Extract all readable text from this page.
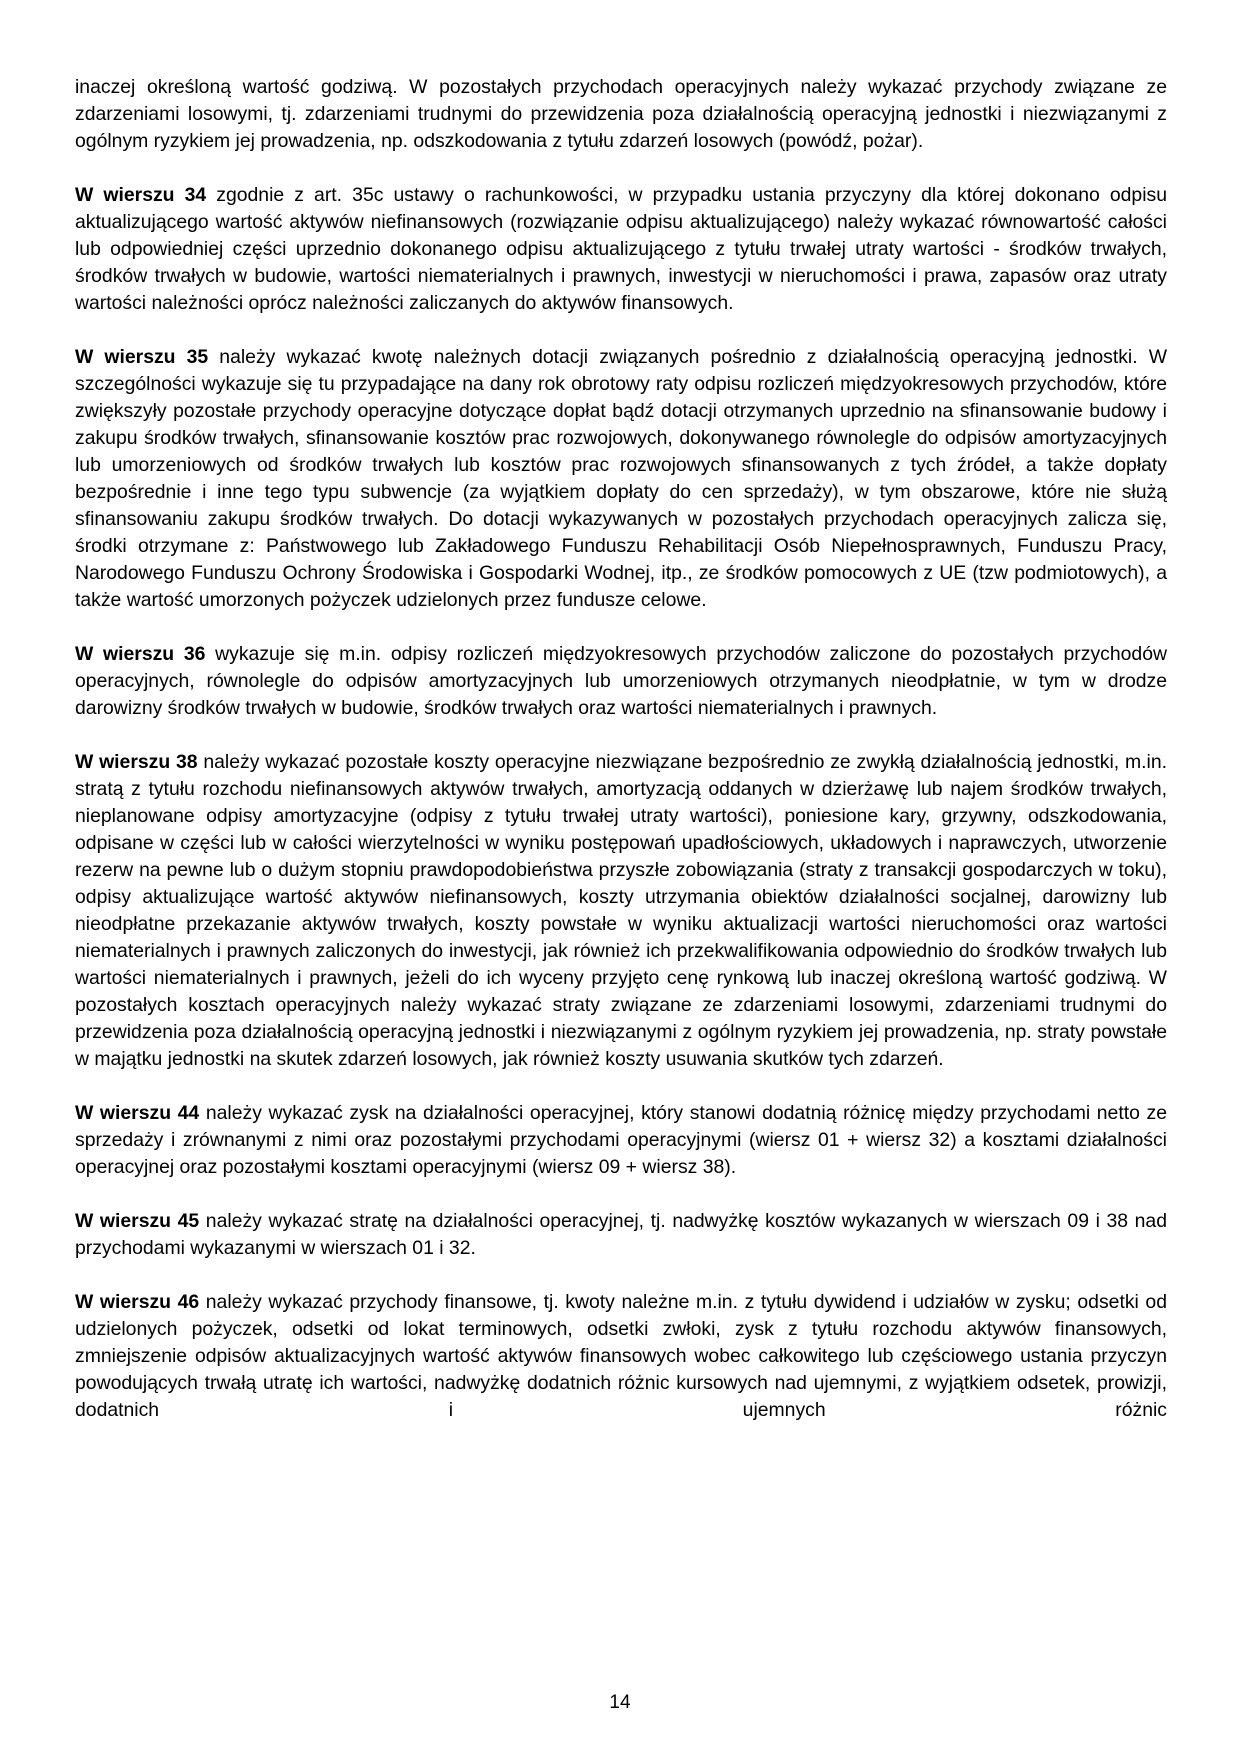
inaczej określoną wartość godziwą. W pozostałych przychodach operacyjnych należy wykazać przychody związane ze zdarzeniami losowymi, tj. zdarzeniami trudnymi do przewidzenia poza działalnością operacyjną jednostki i niezwiązanymi z ogólnym ryzykiem jej prowadzenia, np. odszkodowania z tytułu zdarzeń losowych (powódź, pożar).

W wierszu 34 zgodnie z art. 35c ustawy o rachunkowości, w przypadku ustania przyczyny dla której dokonano odpisu aktualizującego wartość aktywów niefinansowych (rozwiązanie odpisu aktualizującego) należy wykazać równowartość całości lub odpowiedniej części uprzednio dokonanego odpisu aktualizującego z tytułu trwałej utraty wartości - środków trwałych, środków trwałych w budowie, wartości niematerialnych i prawnych, inwestycji w nieruchomości i prawa, zapasów oraz utraty wartości należności oprócz należności zaliczanych do aktywów finansowych.

W wierszu 35 należy wykazać kwotę należnych dotacji związanych pośrednio z działalnością operacyjną jednostki. W szczególności wykazuje się tu przypadające na dany rok obrotowy raty odpisu rozliczeń międzyokresowych przychodów, które zwiększyły pozostałe przychody operacyjne dotyczące dopłat bądź dotacji otrzymanych uprzednio na sfinansowanie budowy i zakupu środków trwałych, sfinansowanie kosztów prac rozwojowych, dokonywanego równolegle do odpisów amortyzacyjnych lub umorzeniowych od środków trwałych lub kosztów prac rozwojowych sfinansowanych z tych źródeł, a także dopłaty bezpośrednie i inne tego typu subwencje (za wyjątkiem dopłaty do cen sprzedaży), w tym obszarowe, które nie służą sfinansowaniu zakupu środków trwałych. Do dotacji wykazywanych w pozostałych przychodach operacyjnych zalicza się, środki otrzymane z: Państwowego lub Zakładowego Funduszu Rehabilitacji Osób Niepełnosprawnych, Funduszu Pracy, Narodowego Funduszu Ochrony Środowiska i Gospodarki Wodnej, itp., ze środków pomocowych z UE (tzw podmiotowych), a także wartość umorzonych pożyczek udzielonych przez fundusze celowe.

W wierszu 36 wykazuje się m.in. odpisy rozliczeń międzyokresowych przychodów zaliczone do pozostałych przychodów operacyjnych, równolegle do odpisów amortyzacyjnych lub umorzeniowych otrzymanych nieodpłatnie, w tym w drodze darowizny środków trwałych w budowie, środków trwałych oraz wartości niematerialnych i prawnych.

W wierszu 38 należy wykazać pozostałe koszty operacyjne niezwiązane bezpośrednio ze zwykłą działalnością jednostki, m.in. stratą z tytułu rozchodu niefinansowych aktywów trwałych, amortyzacją oddanych w dzierżawę lub najem środków trwałych, nieplanowane odpisy amortyzacyjne (odpisy z tytułu trwałej utraty wartości), poniesione kary, grzywny, odszkodowania, odpisane w części lub w całości wierzytelności w wyniku postępowań upadłościowych, układowych i naprawczych, utworzenie rezerw na pewne lub o dużym stopniu prawdopodobieństwa przyszłe zobowiązania (straty z transakcji gospodarczych w toku), odpisy aktualizujące wartość aktywów niefinansowych, koszty utrzymania obiektów działalności socjalnej, darowizny lub nieodpłatne przekazanie aktywów trwałych, koszty powstałe w wyniku aktualizacji wartości nieruchomości oraz wartości niematerialnych i prawnych zaliczonych do inwestycji, jak również ich przekwalifikowania odpowiednio do środków trwałych lub wartości niematerialnych i prawnych, jeżeli do ich wyceny przyjęto cenę rynkową lub inaczej określoną wartość godziwą. W pozostałych kosztach operacyjnych należy wykazać straty związane ze zdarzeniami losowymi, zdarzeniami trudnymi do przewidzenia poza działalnością operacyjną jednostki i niezwiązanymi z ogólnym ryzykiem jej prowadzenia, np. straty powstałe w majątku jednostki na skutek zdarzeń losowych, jak również koszty usuwania skutków tych zdarzeń.

W wierszu 44 należy wykazać zysk na działalności operacyjnej, który stanowi dodatnią różnicę między przychodami netto ze sprzedaży i zrównanymi z nimi oraz pozostałymi przychodami operacyjnymi (wiersz 01 + wiersz 32) a kosztami działalności operacyjnej oraz pozostałymi kosztami operacyjnymi (wiersz 09 + wiersz 38).

W wierszu 45 należy wykazać stratę na działalności operacyjnej, tj. nadwyżkę kosztów wykazanych w wierszach 09 i 38 nad przychodami wykazanymi w wierszach 01 i 32.

W wierszu 46 należy wykazać przychody finansowe, tj. kwoty należne m.in. z tytułu dywidend i udziałów w zysku; odsetki od udzielonych pożyczek, odsetki od lokat terminowych, odsetki zwłoki, zysk z tytułu rozchodu aktywów finansowych, zmniejszenie odpisów aktualizacyjnych wartość aktywów finansowych wobec całkowitego lub częściowego ustania przyczyn powodujących trwałą utratę ich wartości, nadwyżkę dodatnich różnic kursowych nad ujemnymi, z wyjątkiem odsetek, prowizji, dodatnich i ujemnych różnic

14
